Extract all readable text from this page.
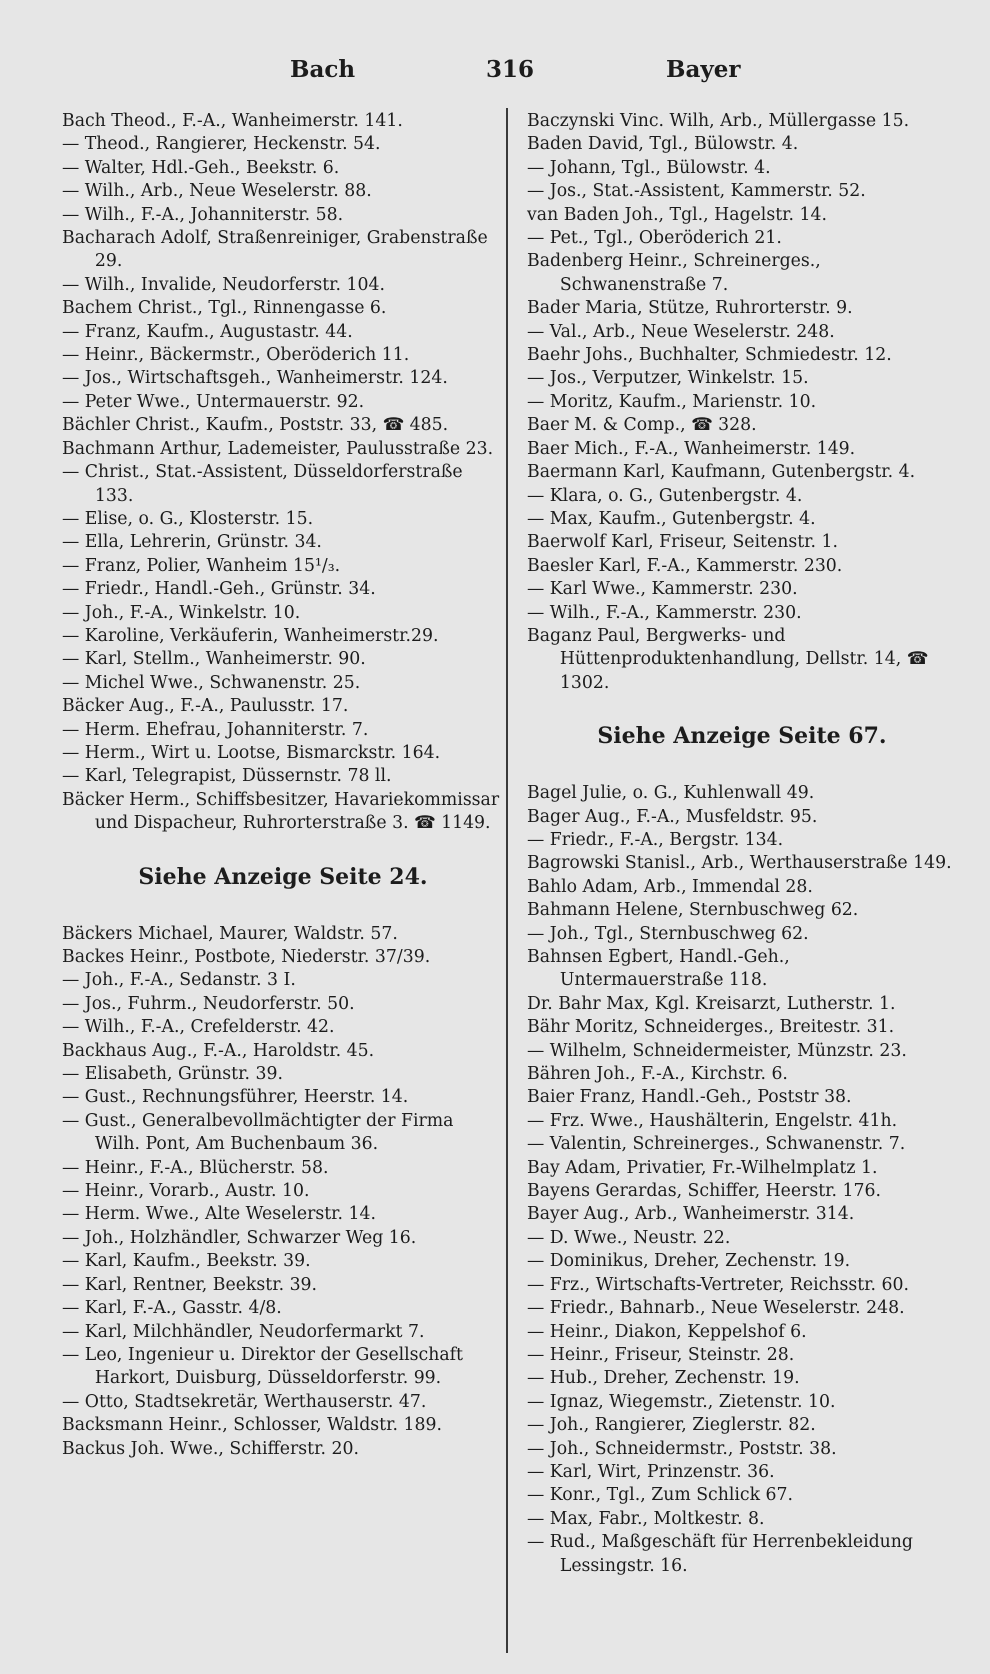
Bach	316	Bayer
Bach Theod., F.-A., Wanheimerstr. 141.
— Theod., Rangierer, Heckenstr. 54.
— Walter, Hdl.-Geh., Beekstr. 6.
— Wilh., Arb., Neue Weselerstr. 88.
— Wilh., F.-A., Johanniterstr. 58.
Bacharach Adolf, Straßenreiniger, Grabenstraße 29.
— Wilh., Invalide, Neudorferstr. 104.
Bachem Christ., Tgl., Rinnengasse 6.
— Franz, Kaufm., Augustastr. 44.
— Heinr., Bäckermstr., Oberöderich 11.
— Jos., Wirtschaftsgeh., Wanheimerstr. 124.
— Peter Wwe., Untermauerstr. 92.
Bächler Christ., Kaufm., Poststr. 33, ☎ 485.
Bachmann Arthur, Lademeister, Paulusstraße 23.
— Christ., Stat.-Assistent, Düsseldorferstraße 133.
— Elise, o. G., Klosterstr. 15.
— Ella, Lehrerin, Grünstr. 34.
— Franz, Polier, Wanheim 15¹/₃.
— Friedr., Handl.-Geh., Grünstr. 34.
— Joh., F.-A., Winkelstr. 10.
— Karoline, Verkäuferin, Wanheimerstr.29.
— Karl, Stellm., Wanheimerstr. 90.
— Michel Wwe., Schwanenstr. 25.
Bäcker Aug., F.-A., Paulusstr. 17.
— Herm. Ehefrau, Johanniterstr. 7.
— Herm., Wirt u. Lootse, Bismarckstr. 164.
— Karl, Telegrapist, Düssernstr. 78 ll.
Bäcker Herm., Schiffsbesitzer, Havariekommissar und Dispacheur, Ruhrorterstraße 3. ☎ 1149.
Siehe Anzeige Seite 24.
Bäckers Michael, Maurer, Waldstr. 57.
Backes Heinr., Postbote, Niederstr. 37/39.
— Joh., F.-A., Sedanstr. 3 I.
— Jos., Fuhrm., Neudorferstr. 50.
— Wilh., F.-A., Crefelderstr. 42.
Backhaus Aug., F.-A., Haroldstr. 45.
— Elisabeth, Grünstr. 39.
— Gust., Rechnungsführer, Heerstr. 14.
— Gust., Generalbevollmächtigter der Firma Wilh. Pont, Am Buchenbaum 36.
— Heinr., F.-A., Blücherstr. 58.
— Heinr., Vorarb., Austr. 10.
— Herm. Wwe., Alte Weselerstr. 14.
— Joh., Holzhändler, Schwarzer Weg 16.
— Karl, Kaufm., Beekstr. 39.
— Karl, Rentner, Beekstr. 39.
— Karl, F.-A., Gasstr. 4/8.
— Karl, Milchhändler, Neudorfermarkt 7.
— Leo, Ingenieur u. Direktor der Gesellschaft Harkort, Duisburg, Düsseldorferstr. 99.
— Otto, Stadtsekretär, Werthauserstr. 47.
Backsmann Heinr., Schlosser, Waldstr. 189.
Backus Joh. Wwe., Schifferstr. 20.
Baczynski Vinc. Wilh, Arb., Müllergasse 15.
Baden David, Tgl., Bülowstr. 4.
— Johann, Tgl., Bülowstr. 4.
— Jos., Stat.-Assistent, Kammerstr. 52.
van Baden Joh., Tgl., Hagelstr. 14.
— Pet., Tgl., Oberöderich 21.
Badenberg Heinr., Schreinerges., Schwanenstraße 7.
Bader Maria, Stütze, Ruhrorterstr. 9.
— Val., Arb., Neue Weselerstr. 248.
Baehr Johs., Buchhalter, Schmiedestr. 12.
— Jos., Verputzer, Winkelstr. 15.
— Moritz, Kaufm., Marienstr. 10.
Baer M. & Comp., ☎ 328.
Baer Mich., F.-A., Wanheimerstr. 149.
Baermann Karl, Kaufmann, Gutenbergstr. 4.
— Klara, o. G., Gutenbergstr. 4.
— Max, Kaufm., Gutenbergstr. 4.
Baerwolf Karl, Friseur, Seitenstr. 1.
Baesler Karl, F.-A., Kammerstr. 230.
— Karl Wwe., Kammerstr. 230.
— Wilh., F.-A., Kammerstr. 230.
Baganz Paul, Bergwerks- und Hüttenproduktenhandlung, Dellstr. 14, ☎ 1302.
Siehe Anzeige Seite 67.
Bagel Julie, o. G., Kuhlenwall 49.
Bager Aug., F.-A., Musfeldstr. 95.
— Friedr., F.-A., Bergstr. 134.
Bagrowski Stanisl., Arb., Werthauserstraße 149.
Bahlo Adam, Arb., Immendal 28.
Bahmann Helene, Sternbuschweg 62.
— Joh., Tgl., Sternbuschweg 62.
Bahnsen Egbert, Handl.-Geh., Untermauerstraße 118.
Dr. Bahr Max, Kgl. Kreisarzt, Lutherstr. 1.
Bähr Moritz, Schneiderges., Breitestr. 31.
— Wilhelm, Schneidermeister, Münzstr. 23.
Bähren Joh., F.-A., Kirchstr. 6.
Baier Franz, Handl.-Geh., Poststr 38.
— Frz. Wwe., Haushälterin, Engelstr. 41h.
— Valentin, Schreinerges., Schwanenstr. 7.
Bay Adam, Privatier, Fr.-Wilhelmplatz 1.
Bayens Gerardas, Schiffer, Heerstr. 176.
Bayer Aug., Arb., Wanheimerstr. 314.
— D. Wwe., Neustr. 22.
— Dominikus, Dreher, Zechenstr. 19.
— Frz., Wirtschafts-Vertreter, Reichsstr. 60.
— Friedr., Bahnarb., Neue Weselerstr. 248.
— Heinr., Diakon, Keppelshof 6.
— Heinr., Friseur, Steinstr. 28.
— Hub., Dreher, Zechenstr. 19.
— Ignaz, Wiegemstr., Zietenstr. 10.
— Joh., Rangierer, Zieglerstr. 82.
— Joh., Schneidermstr., Poststr. 38.
— Karl, Wirt, Prinzenstr. 36.
— Konr., Tgl., Zum Schlick 67.
— Max, Fabr., Moltkestr. 8.
— Rud., Maßgeschäft für Herrenbekleidung Lessingstr. 16.
